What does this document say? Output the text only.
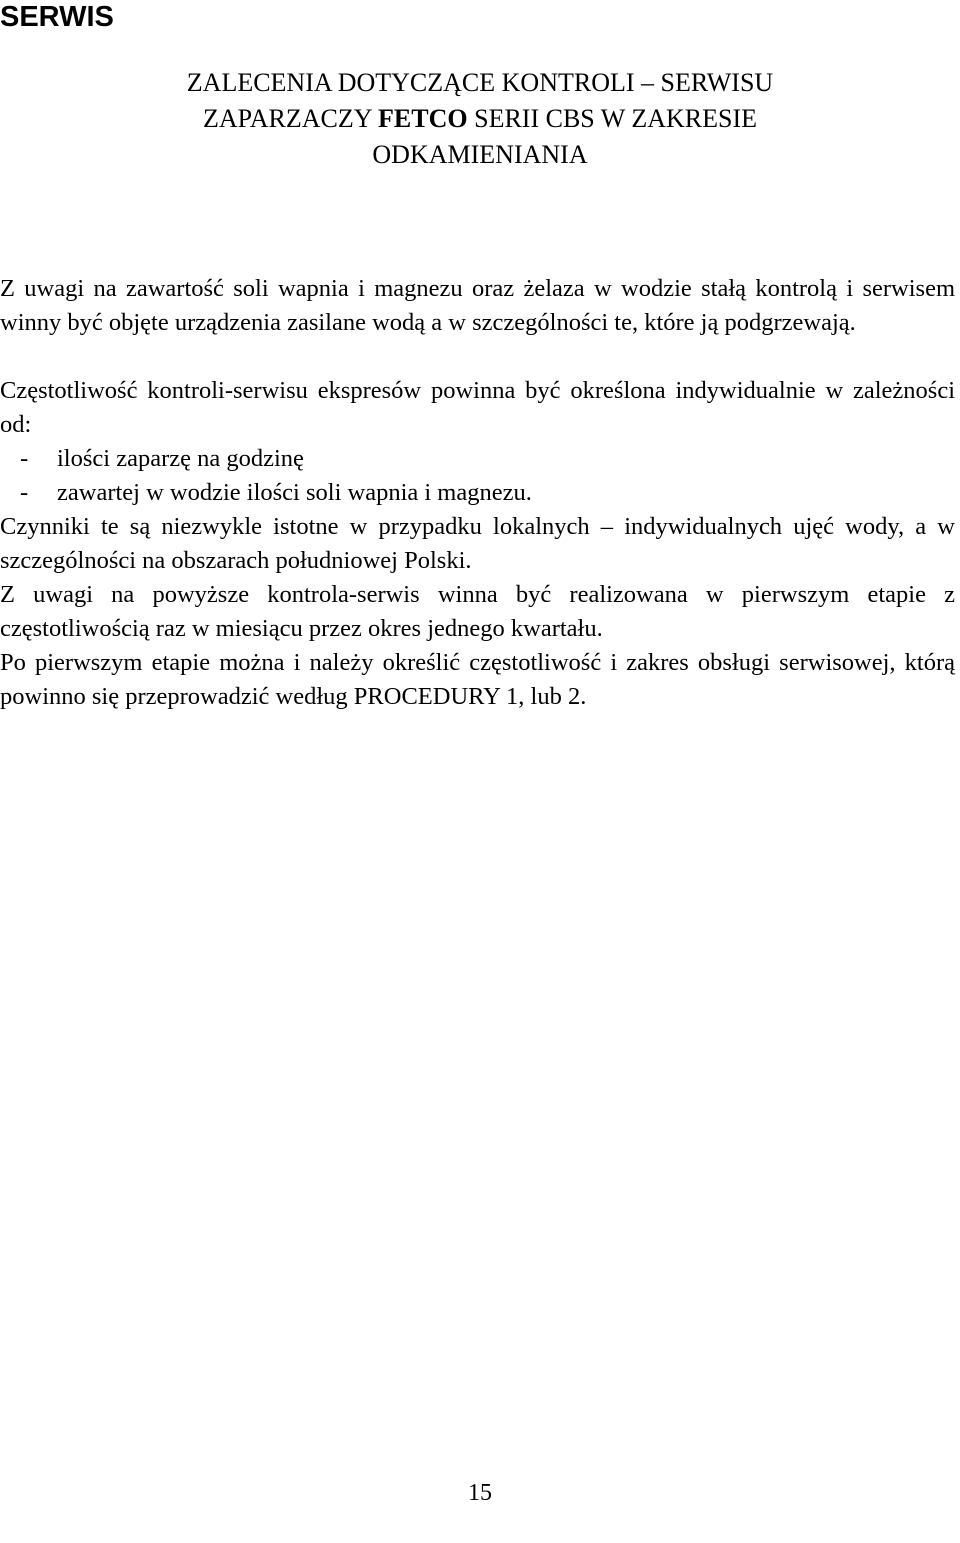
SERWIS
ZALECENIA DOTYCZĄCE KONTROLI – SERWISU
ZAPARZACZY FETCO SERII CBS W ZAKRESIE
ODKAMIENIANIA

Z uwagi na zawartość soli wapnia i magnezu oraz żelaza w wodzie stałą kontrolą i serwisem winny być objęte urządzenia zasilane wodą a w szczególności te, które ją podgrzewają.

Częstotliwość kontroli-serwisu ekspresów powinna być określona indywidualnie w zależności od:

- ilości zaparzę na godzinę
- zawartej w wodzie ilości soli wapnia i magnezu.

Czynniki te są niezwykle istotne w przypadku lokalnych – indywidualnych ujęć wody, a w szczególności na obszarach południowej Polski.

Z uwagi na powyższe kontrola-serwis winna być realizowana w pierwszym etapie z częstotliwością raz w miesiącu przez okres jednego kwartału.

Po pierwszym etapie można i należy określić częstotliwość i zakres obsługi serwisowej, którą powinno się przeprowadzić według PROCEDURY 1, lub 2.

15
